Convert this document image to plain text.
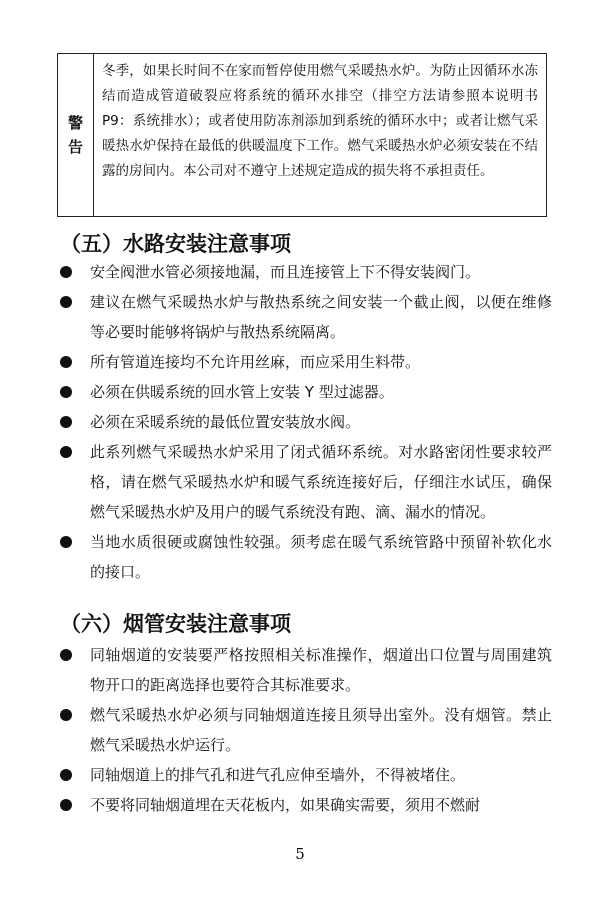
警
告
冬季，如果长时间不在家而暂停使用燃气采暖热水炉。为防止因循环水冻结而造成管道破裂应将系统的循环水排空（排空方法请参照本说明书 P9：系统排水）；或者使用防冻剂添加到系统的循环水中；或者让燃气采暖热水炉保持在最低的供暖温度下工作。燃气采暖热水炉必须安装在不结露的房间内。本公司对不遵守上述规定造成的损失将不承担责任。
（五）水路安装注意事项
安全阀泄水管必须接地漏，而且连接管上下不得安装阀门。
建议在燃气采暖热水炉与散热系统之间安装一个截止阀，以便在维修等必要时能够将锅炉与散热系统隔离。
所有管道连接均不允许用丝麻，而应采用生料带。
必须在供暖系统的回水管上安装 Y 型过滤器。
必须在采暖系统的最低位置安装放水阀。
此系列燃气采暖热水炉采用了闭式循环系统。对水路密闭性要求较严格，请在燃气采暖热水炉和暖气系统连接好后，仔细注水试压，确保燃气采暖热水炉及用户的暖气系统没有跑、滴、漏水的情况。
当地水质很硬或腐蚀性较强。须考虑在暖气系统管路中预留补软化水的接口。
（六）烟管安装注意事项
同轴烟道的安装要严格按照相关标准操作，烟道出口位置与周围建筑物开口的距离选择也要符合其标准要求。
燃气采暖热水炉必须与同轴烟道连接且须导出室外。没有烟管。禁止燃气采暖热水炉运行。
同轴烟道上的排气孔和进气孔应伸至墙外，不得被堵住。
不要将同轴烟道埋在天花板内，如果确实需要，须用不燃耐
5
